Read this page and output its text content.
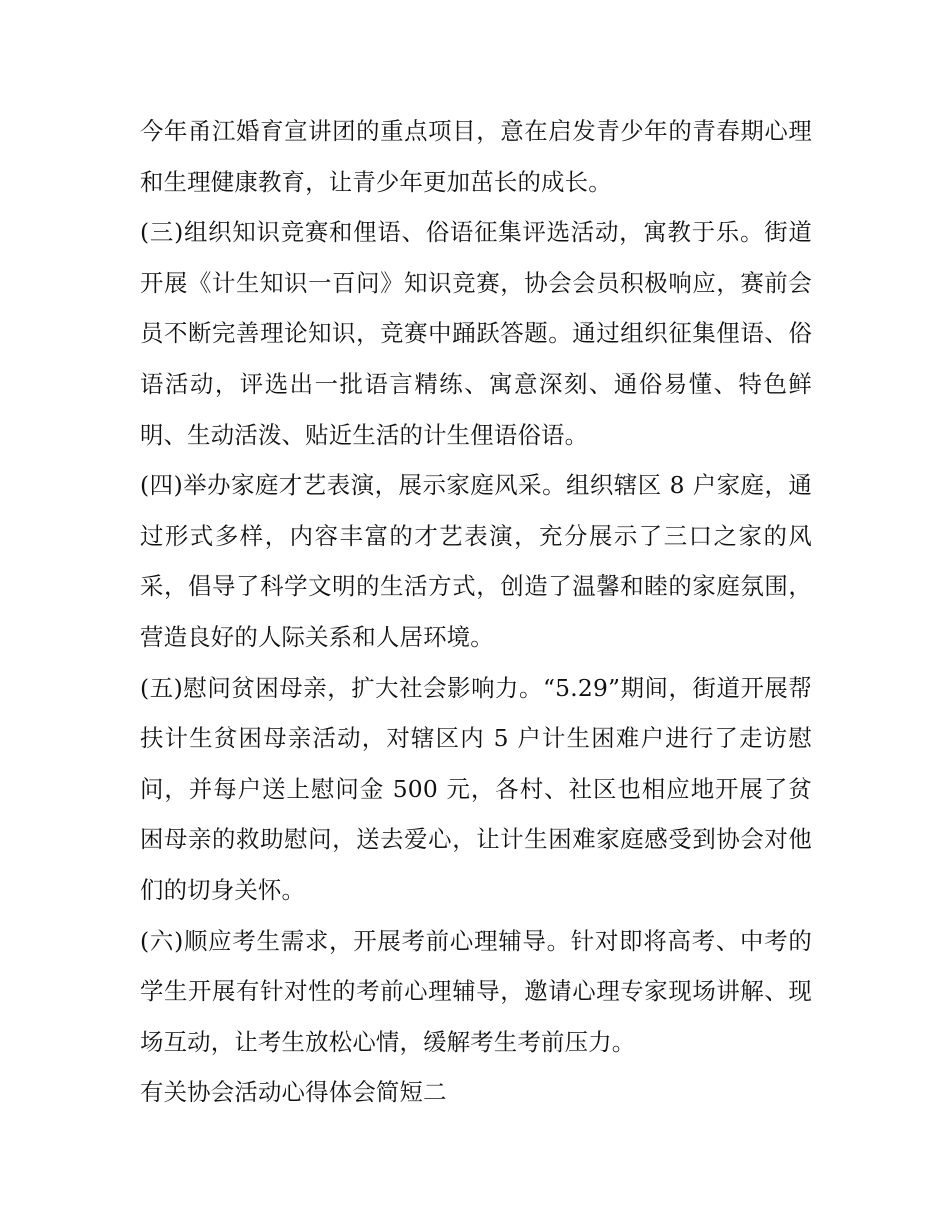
今年甬江婚育宣讲团的重点项目，意在启发青少年的青春期心理和生理健康教育，让青少年更加茁长的成长。

(三)组织知识竞赛和俚语、俗语征集评选活动，寓教于乐。街道开展《计生知识一百问》知识竞赛，协会会员积极响应，赛前会员不断完善理论知识，竞赛中踊跃答题。通过组织征集俚语、俗语活动，评选出一批语言精练、寓意深刻、通俗易懂、特色鲜明、生动活泼、贴近生活的计生俚语俗语。

(四)举办家庭才艺表演，展示家庭风采。组织辖区 8 户家庭，通过形式多样，内容丰富的才艺表演，充分展示了三口之家的风采，倡导了科学文明的生活方式，创造了温馨和睦的家庭氛围，营造良好的人际关系和人居环境。

(五)慰问贫困母亲，扩大社会影响力。“5.29”期间，街道开展帮扶计生贫困母亲活动，对辖区内 5 户计生困难户进行了走访慰问，并每户送上慰问金 500 元，各村、社区也相应地开展了贫困母亲的救助慰问，送去爱心，让计生困难家庭感受到协会对他们的切身关怀。

(六)顺应考生需求，开展考前心理辅导。针对即将高考、中考的学生开展有针对性的考前心理辅导，邀请心理专家现场讲解、现场互动，让考生放松心情，缓解考生考前压力。

有关协会活动心得体会简短二
